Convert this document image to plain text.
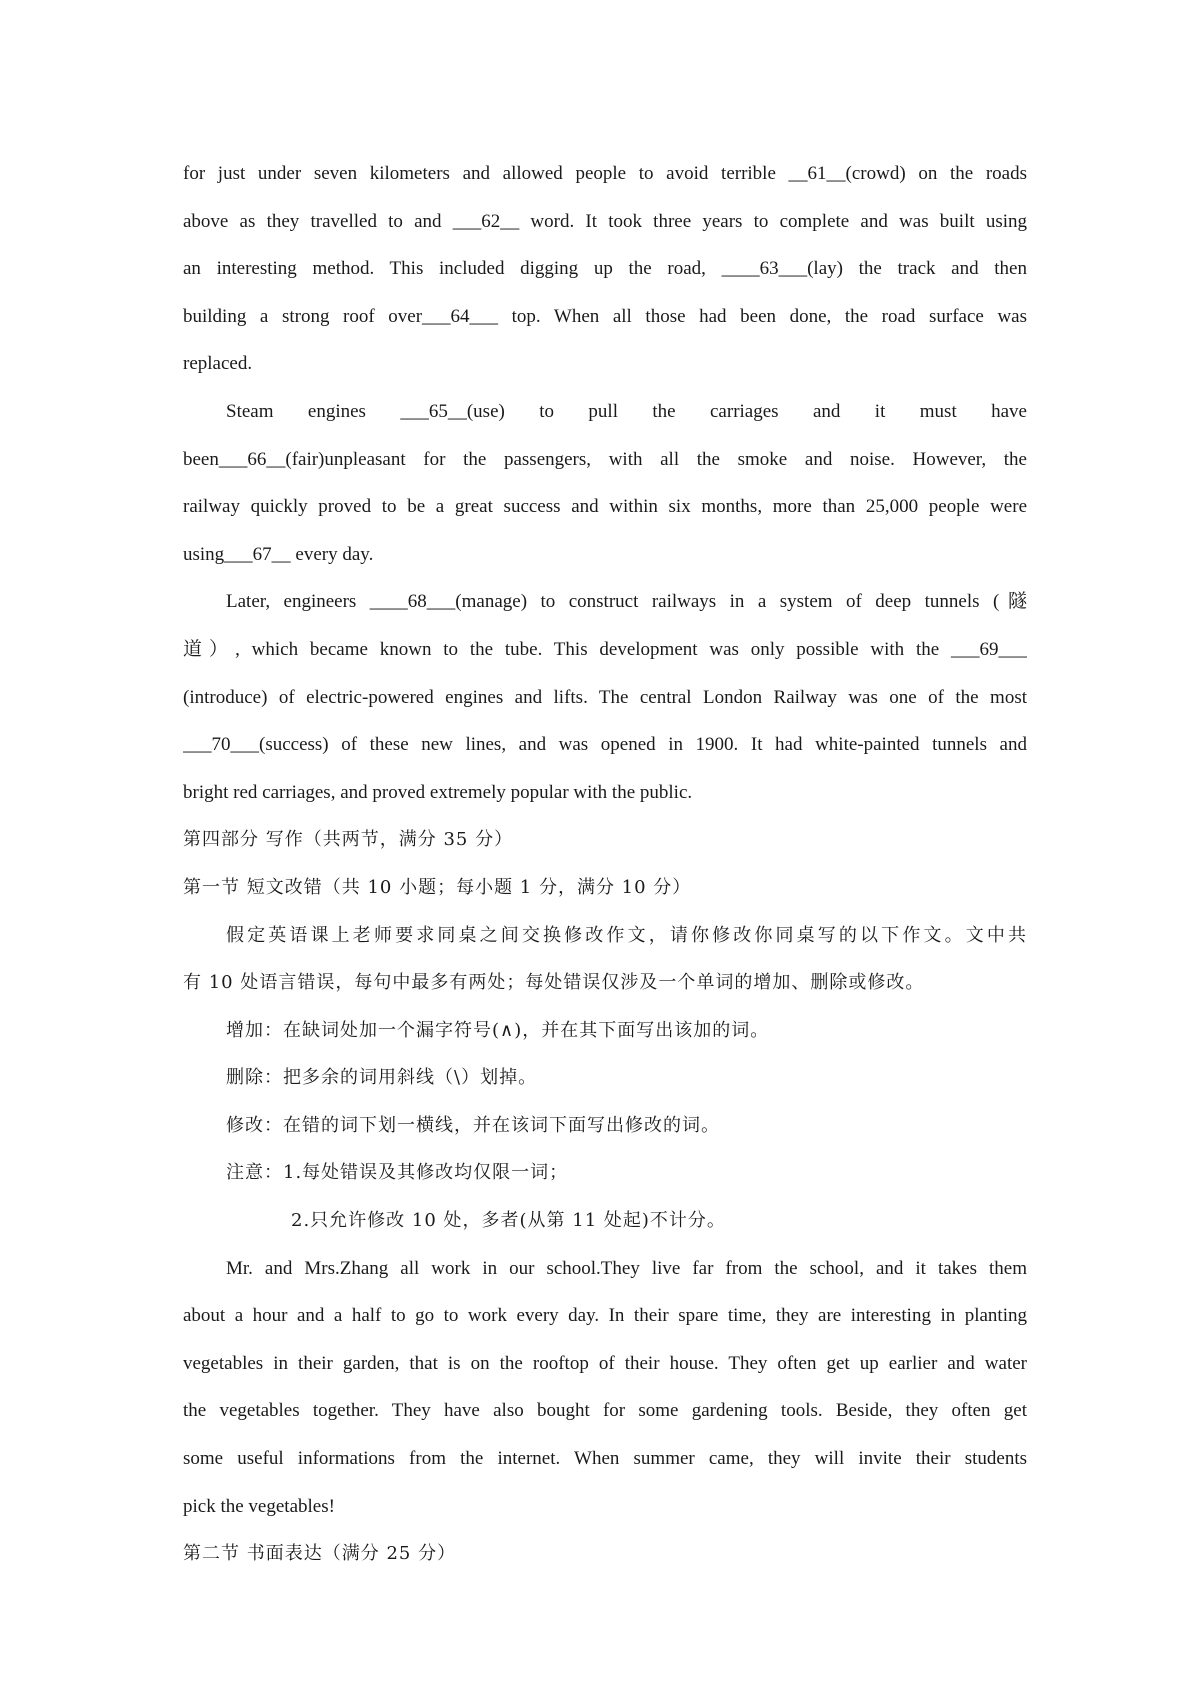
for just under seven kilometers and allowed people to avoid terrible __61__(crowd) on the roads
above as they travelled to and ___62__ word. It took three years to complete and was built using
an interesting method. This included digging up the road, ____63___(lay) the track and then
building a strong roof over___64___ top. When all those had been done, the road surface was
replaced.
Steam engines ___65__(use) to pull the carriages and it must have
been___66__(fair)unpleasant for the passengers, with all the smoke and noise. However, the
railway quickly proved to be a great success and within six months, more than 25,000 people were
using___67__ every day.
Later, engineers ____68___(manage) to construct railways in a system of deep tunnels (隧
道）, which became known to the tube. This development was only possible with the ___69___
(introduce) of electric-powered engines and lifts. The central London Railway was one of the most
___70___(success) of these new lines, and was opened in 1900. It had white-painted tunnels and
bright red carriages, and proved extremely popular with the public.
第四部分 写作（共两节，满分 35 分）
第一节 短文改错（共 10 小题；每小题 1 分，满分 10 分）
假定英语课上老师要求同桌之间交换修改作文，请你修改你同桌写的以下作文。文中共
有 10 处语言错误，每句中最多有两处；每处错误仅涉及一个单词的增加、删除或修改。
增加：在缺词处加一个漏字符号(∧)，并在其下面写出该加的词。
删除：把多余的词用斜线（\）划掉。
修改：在错的词下划一横线，并在该词下面写出修改的词。
注意：1.每处错误及其修改均仅限一词；
2.只允许修改 10 处，多者(从第 11 处起)不计分。
Mr. and Mrs.Zhang all work in our school.They live far from the school, and it takes them
about a hour and a half to go to work every day. In their spare time, they are interesting in planting
vegetables in their garden, that is on the rooftop of their house. They often get up earlier and water
the vegetables together. They have also bought for some gardening tools. Beside, they often get
some useful informations from the internet. When summer came, they will invite their students
pick the vegetables!
第二节 书面表达（满分 25 分）
